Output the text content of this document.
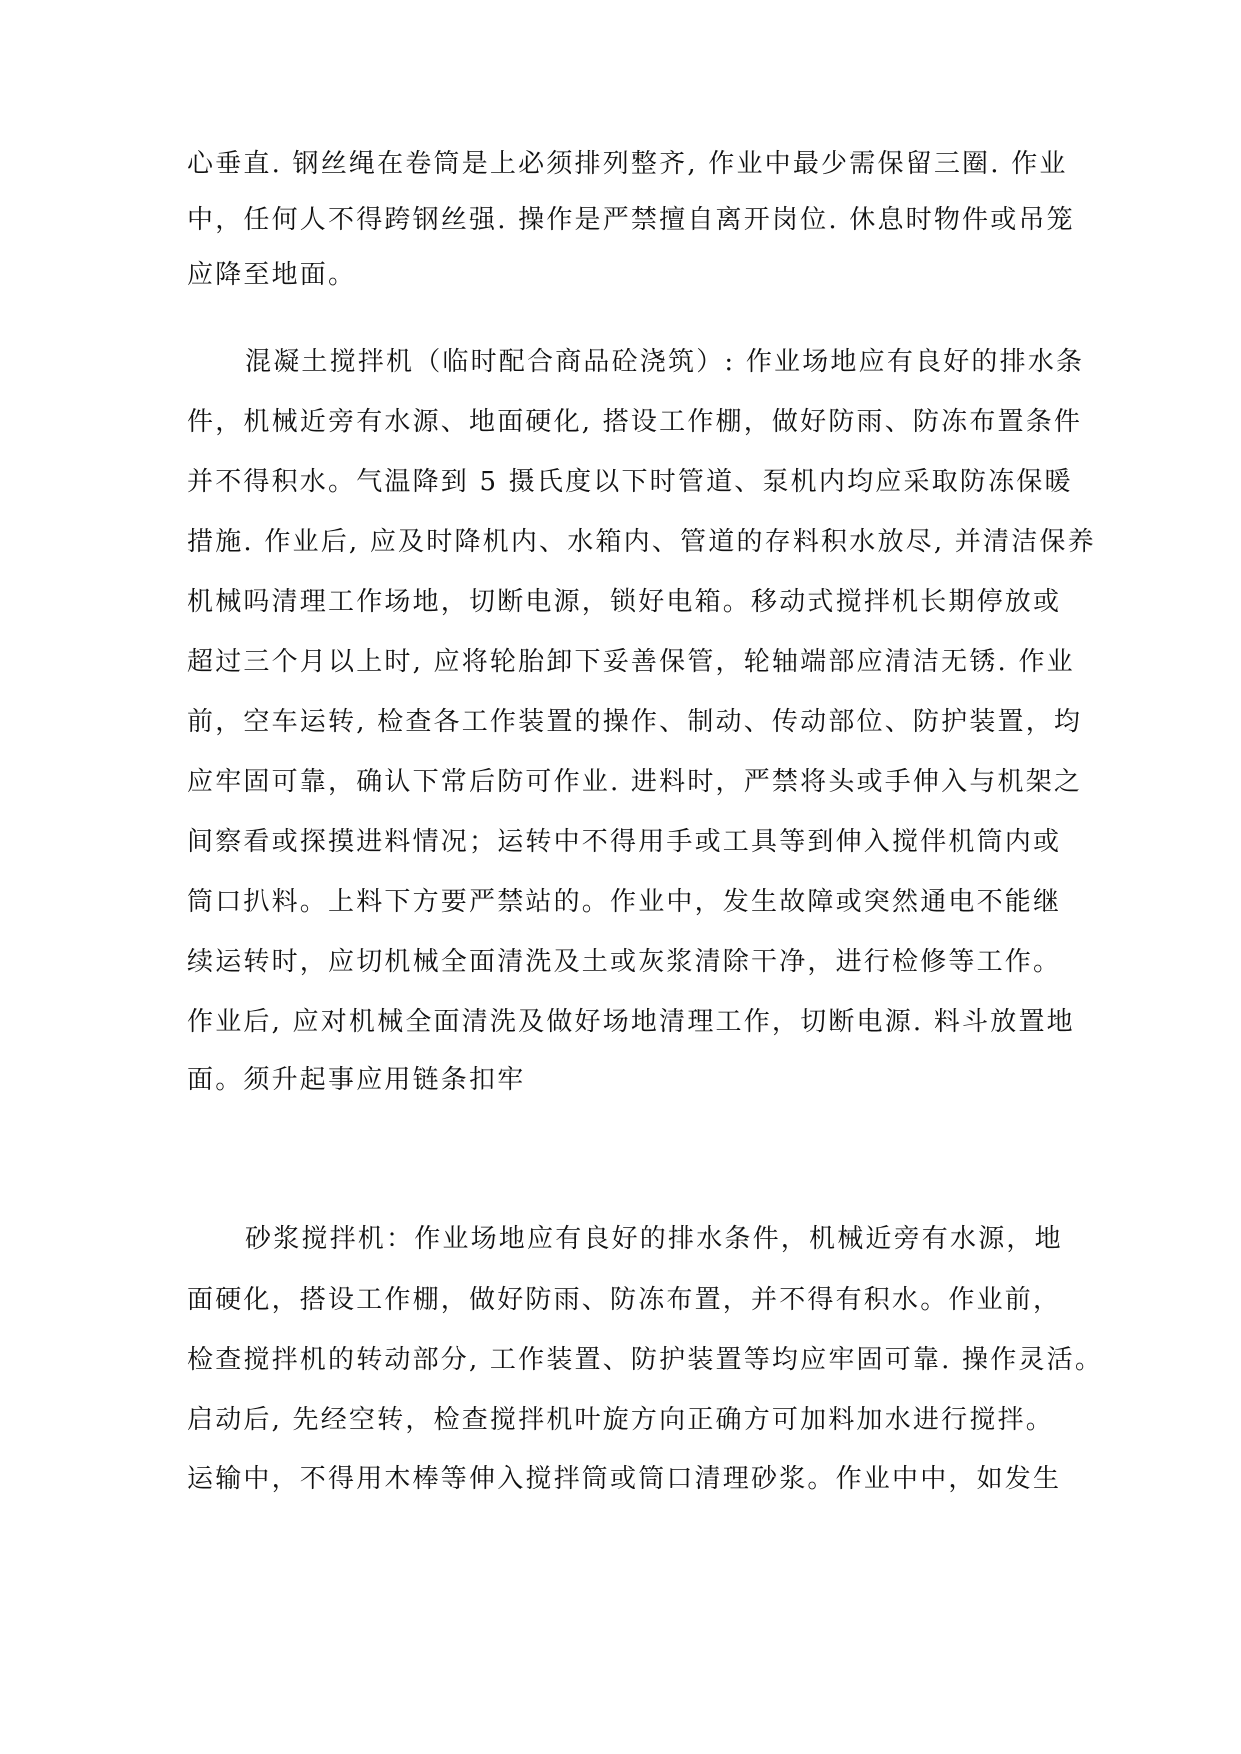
心垂直. 钢丝绳在卷筒是上必须排列整齐, 作业中最少需保留三圈. 作业
中，任何人不得跨钢丝强. 操作是严禁擅自离开岗位. 休息时物件或吊笼
应降至地面。
混凝土搅拌机（临时配合商品砼浇筑）: 作业场地应有良好的排水条
件，机械近旁有水源、地面硬化, 搭设工作棚，做好防雨、防冻布置条件
并不得积水。气温降到 5 摄氏度以下时管道、泵机内均应采取防冻保暖
措施. 作业后, 应及时降机内、水箱内、管道的存料积水放尽, 并清洁保养
机械吗清理工作场地，切断电源，锁好电箱。移动式搅拌机长期停放或
超过三个月以上时, 应将轮胎卸下妥善保管，轮轴端部应清洁无锈. 作业
前，空车运转, 检查各工作装置的操作、制动、传动部位、防护装置，均
应牢固可靠，确认下常后防可作业. 进料时，严禁将头或手伸入与机架之
间察看或探摸进料情况；运转中不得用手或工具等到伸入搅伴机筒内或
筒口扒料。上料下方要严禁站的。作业中，发生故障或突然通电不能继
续运转时，应切机械全面清洗及土或灰浆清除干净，进行检修等工作。
作业后, 应对机械全面清洗及做好场地清理工作，切断电源. 料斗放置地
面。须升起事应用链条扣牢
砂浆搅拌机：作业场地应有良好的排水条件，机械近旁有水源，地
面硬化，搭设工作棚，做好防雨、防冻布置，并不得有积水。作业前，
检查搅拌机的转动部分, 工作装置、防护装置等均应牢固可靠. 操作灵活。
启动后, 先经空转，检查搅拌机叶旋方向正确方可加料加水进行搅拌。
运输中，不得用木棒等伸入搅拌筒或筒口清理砂浆。作业中中，如发生
